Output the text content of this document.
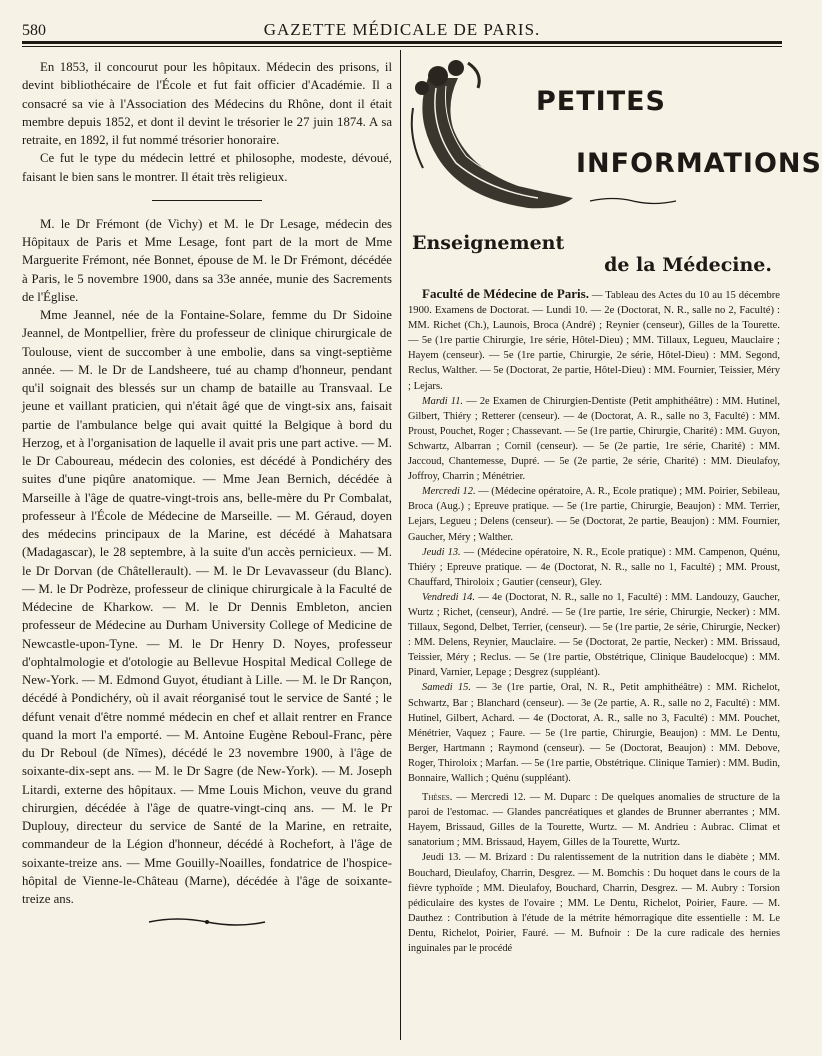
580	GAZETTE MÉDICALE DE PARIS.

En 1853, il concourut pour les hôpitaux. Médecin des prisons, il devint bibliothécaire de l'École et fut fait officier d'Académie. Il a consacré sa vie à l'Association des Médecins du Rhône, dont il était membre depuis 1852, et dont il devint le trésorier le 27 juin 1874. A sa retraite, en 1892, il fut nommé trésorier honoraire.

Ce fut le type du médecin lettré et philosophe, modeste, dévoué, faisant le bien sans le montrer. Il était très religieux.

M. le Dr Frémont (de Vichy) et M. le Dr Lesage, médecin des Hôpitaux de Paris et Mme Lesage, font part de la mort de Mme Marguerite Frémont, née Bonnet, épouse de M. le Dr Frémont, décédée à Paris, le 5 novembre 1900, dans sa 33e année, munie des Sacrements de l'Église.

Mme Jeannel, née de la Fontaine-Solare, femme du Dr Sidoine Jeannel, de Montpellier, frère du professeur de clinique chirurgicale de Toulouse, vient de succomber à une embolie, dans sa vingt-septième année. — M. le Dr de Landsheere, tué au champ d'honneur, pendant qu'il soignait des blessés sur un champ de bataille au Transvaal. Le jeune et vaillant praticien, qui n'était âgé que de vingt-six ans, faisait partie de l'ambulance belge qui avait quitté la Belgique à bord du Herzog, et à l'organisation de laquelle il avait pris une part active. — M. le Dr Caboureau, médecin des colonies, est décédé à Pondichéry des suites d'une piqûre anatomique. — Mme Jean Bernich, décédée à Marseille à l'âge de quatre-vingt-trois ans, belle-mère du Pr Combalat, professeur à l'École de Médecine de Marseille. — M. Géraud, doyen des médecins principaux de la Marine, est décédé à Mahatsara (Madagascar), le 28 septembre, à la suite d'un accès pernicieux. — M. le Dr Dorvan (de Châtellerault). — M. le Dr Levavasseur (du Blanc). — M. le Dr Podrèze, professeur de clinique chirurgicale à la Faculté de Médecine de Kharkow. — M. le Dr Dennis Embleton, ancien professeur de Médecine au Durham University College of Medicine de Newcastle-upon-Tyne. — M. le Dr Henry D. Noyes, professeur d'ophtalmologie et d'otologie au Bellevue Hospital Medical College de New-York. — M. Edmond Guyot, étudiant à Lille. — M. le Dr Rançon, décédé à Pondichéry, où il avait réorganisé tout le service de Santé ; le défunt venait d'être nommé médecin en chef et allait rentrer en France quand la mort l'a emporté. — M. Antoine Eugène Reboul-Franc, père du Dr Reboul (de Nîmes), décédé le 23 novembre 1900, à l'âge de soixante-dix-sept ans. — M. le Dr Sagre (de New-York). — M. Joseph Litardi, externe des hôpitaux. — Mme Louis Michon, veuve du grand chirurgien, décédée à l'âge de quatre-vingt-cinq ans. — M. le Pr Duplouy, directeur du service de Santé de la Marine, en retraite, commandeur de la Légion d'honneur, décédé à Rochefort, à l'âge de soixante-treize ans. — Mme Gouilly-Noailles, fondatrice de l'hospice-hôpital de Vienne-le-Château (Marne), décédée à l'âge de soixante-treize ans.

PETITES
INFORMATIONS
Enseignement
de la Médecine.

Faculté de Médecine de Paris. — Tableau des Actes du 10 au 15 décembre 1900. Examens de Doctorat. — Lundi 10. — 2e (Doctorat, N. R., salle no 2, Faculté) : MM. Richet (Ch.), Launois, Broca (André) ; Reynier (censeur), Gilles de la Tourette. — 5e (1re partie Chirurgie, 1re série, Hôtel-Dieu) ; MM. Tillaux, Legueu, Mauclaire ; Hayem (censeur). — 5e (1re partie, Chirurgie, 2e série, Hôtel-Dieu) : MM. Segond, Reclus, Walther. — 5e (Doctorat, 2e partie, Hôtel-Dieu) : MM. Fournier, Teissier, Méry ; Lejars.

Mardi 11. — 2e Examen de Chirurgien-Dentiste (Petit amphithéâtre) : MM. Hutinel, Gilbert, Thiéry ; Retterer (censeur). — 4e (Doctorat, A. R., salle no 3, Faculté) : MM. Proust, Pouchet, Roger ; Chassevant. — 5e (1re partie, Chirurgie, Charité) : MM. Guyon, Schwartz, Albarran ; Cornil (censeur). — 5e (2e partie, 1re série, Charité) : MM. Jaccoud, Chantemesse, Dupré. — 5e (2e partie, 2e série, Charité) : MM. Dieulafoy, Joffroy, Charrin ; Ménétrier.

Mercredi 12. — (Médecine opératoire, A. R., Ecole pratique) ; MM. Poirier, Sebileau, Broca (Aug.) ; Epreuve pratique. — 5e (1re partie, Chirurgie, Beaujon) : MM. Terrier, Lejars, Legueu ; Delens (censeur). — 5e (Doctorat, 2e partie, Beaujon) : MM. Fournier, Gaucher, Méry ; Walther.

Jeudi 13. — (Médecine opératoire, N. R., Ecole pratique) : MM. Campenon, Quénu, Thiéry ; Epreuve pratique. — 4e (Doctorat, N. R., salle no 1, Faculté) ; MM. Proust, Chauffard, Thiroloix ; Gautier (censeur), Gley.

Vendredi 14. — 4e (Doctorat, N. R., salle no 1, Faculté) : MM. Landouzy, Gaucher, Wurtz ; Richet, (censeur), André. — 5e (1re partie, 1re série, Chirurgie, Necker) : MM. Tillaux, Segond, Delbet, Terrier, (censeur). — 5e (1re partie, 2e série, Chirurgie, Necker) : MM. Delens, Reynier, Mauclaire. — 5e (Doctorat, 2e partie, Necker) : MM. Brissaud, Teissier, Méry ; Reclus. — 5e (1re partie, Obstétrique, Clinique Baudelocque) : MM. Pinard, Varnier, Lepage ; Desgrez (suppléant).

Samedi 15. — 3e (1re partie, Oral, N. R., Petit amphithéâtre) : MM. Richelot, Schwartz, Bar ; Blanchard (censeur). — 3e (2e partie, A. R., salle no 2, Faculté) : MM. Hutinel, Gilbert, Achard. — 4e (Doctorat, A. R., salle no 3, Faculté) : MM. Pouchet, Ménétrier, Vaquez ; Faure. — 5e (1re partie, Chirurgie, Beaujon) : MM. Le Dentu, Berger, Hartmann ; Raymond (censeur). — 5e (Doctorat, Beaujon) : MM. Debove, Roger, Thiroloix ; Marfan. — 5e (1re partie, Obstétrique. Clinique Tarnier) : MM. Budin, Bonnaire, Wallich ; Quénu (suppléant).

Thèses. — Mercredi 12. — M. Duparc : De quelques anomalies de structure de la paroi de l'estomac. — Glandes pancréatiques et glandes de Brunner aberrantes ; MM. Hayem, Brissaud, Gilles de la Tourette, Wurtz. — M. Andrieu : Aubrac. Climat et sanatorium ; MM. Brissaud, Hayem, Gilles de la Tourette, Wurtz.

Jeudi 13. — M. Brizard : Du ralentissement de la nutrition dans le diabète ; MM. Bouchard, Dieulafoy, Charrin, Desgrez. — M. Bomchis : Du hoquet dans le cours de la fièvre typhoïde ; MM. Dieulafoy, Bouchard, Charrin, Desgrez. — M. Aubry : Torsion pédiculaire des kystes de l'ovaire ; MM. Le Dentu, Richelot, Poirier, Faure. — M. Dauthez : Contribution à l'étude de la métrite hémorragique dite essentielle : M. Le Dentu, Richelot, Poirier, Fauré. — M. Bufnoir : De la cure radicale des hernies inguinales par le procédé
